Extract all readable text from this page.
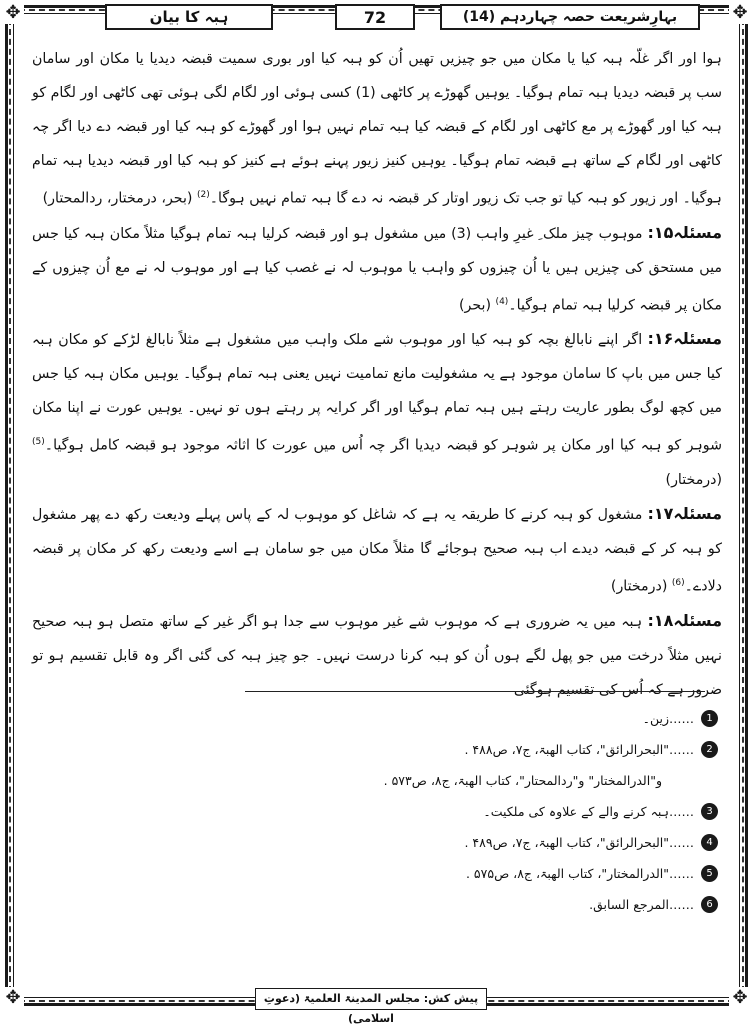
✥	✥
✥	✥
ہبہ کا بیان	72	بہارِشریعت حصہ چہاردہم (14)

ہوا اور اگر غلّہ ہبہ کیا یا مکان میں جو چیزیں تھیں اُن کو ہبہ کیا اور بوری سمیت قبضہ دیدیا یا مکان اور سامان سب پر قبضہ دیدیا ہبہ تمام ہوگیا۔ یوہیں گھوڑے پر کاٹھی (1) کسی ہوئی اور لگام لگی ہوئی تھی کاٹھی اور لگام کو ہبہ کیا اور گھوڑے پر مع کاٹھی اور لگام کے قبضہ کیا ہبہ تمام نہیں ہوا اور گھوڑے کو ہبہ کیا اور قبضہ دے دیا اگر چہ کاٹھی اور لگام کے ساتھ ہے قبضہ تمام ہوگیا۔ یوہیں کنیز زیور پہنے ہوئے ہے کنیز کو ہبہ کیا اور قبضہ دیدیا ہبہ تمام ہوگیا۔ اور زیور کو ہبہ کیا تو جب تک زیور اوتار کر قبضہ نہ دے گا ہبہ تمام نہیں ہوگا۔$^{(2)}$ (بحر، درمختار، ردالمحتار)

مسئلہ۱۵: موہوب چیز ملک ِ غیرِ واہب (3) میں مشغول ہو اور قبضہ کرلیا ہبہ تمام ہوگیا مثلاً مکان ہبہ کیا جس میں مستحق کی چیزیں ہیں یا اُن چیزوں کو واہب یا موہوب لہ نے غصب کیا ہے اور موہوب لہ نے مع اُن چیزوں کے مکان پر قبضہ کرلیا ہبہ تمام ہوگیا۔$^{(4)}$ (بحر)

مسئلہ۱۶: اگر اپنے نابالغ بچہ کو ہبہ کیا اور موہوب شے ملک واہب میں مشغول ہے مثلاً نابالغ لڑکے کو مکان ہبہ کیا جس میں باپ کا سامان موجود ہے یہ مشغولیت مانع تمامیت نہیں یعنی ہبہ تمام ہوگیا۔ یوہیں مکان ہبہ کیا جس میں کچھ لوگ بطور عاریت رہتے ہیں ہبہ تمام ہوگیا اور اگر کرایہ پر رہتے ہوں تو نہیں۔ یوہیں عورت نے اپنا مکان شوہر کو ہبہ کیا اور مکان پر شوہر کو قبضہ دیدیا اگر چہ اُس میں عورت کا اثاثہ موجود ہو قبضہ کامل ہوگیا۔$^{(5)}$ (درمختار)

مسئلہ۱۷: مشغول کو ہبہ کرنے کا طریقہ یہ ہے کہ شاغل کو موہوب لہ کے پاس پہلے ودیعت رکھ دے پھر مشغول کو ہبہ کر کے قبضہ دیدے اب ہبہ صحیح ہوجائے گا مثلاً مکان میں جو سامان ہے اسے ودیعت رکھ کر مکان پر قبضہ دلادے۔$^{(6)}$ (درمختار)

مسئلہ۱۸: ہبہ میں یہ ضروری ہے کہ موہوب شے غیر موہوب سے جدا ہو اگر غیر کے ساتھ متصل ہو ہبہ صحیح نہیں مثلاً درخت میں جو پھل لگے ہوں اُن کو ہبہ کرنا درست نہیں۔ جو چیز ہبہ کی گئی اگر وہ قابل تقسیم ہو تو ضرور ہے کہ اُس کی تقسیم ہوگئی

1
……زین۔
2
……"البحرالرائق"، کتاب الھبۃ، ج۷، ص۴۸۸ .
و"الدرالمختار" و"ردالمحتار"، کتاب الھبۃ، ج۸، ص۵۷۳ .
3
……ہبہ کرنے والے کے علاوہ کی ملکیت۔
4
……"البحرالرائق"، کتاب الھبۃ، ج۷، ص۴۸۹ .
5
……"الدرالمختار"، کتاب الھبۃ، ج۸، ص۵۷۵ .
6
……المرجع السابق.
پیش کش: مجلس المدینۃ العلمیۃ (دعوتِ اسلامی)
